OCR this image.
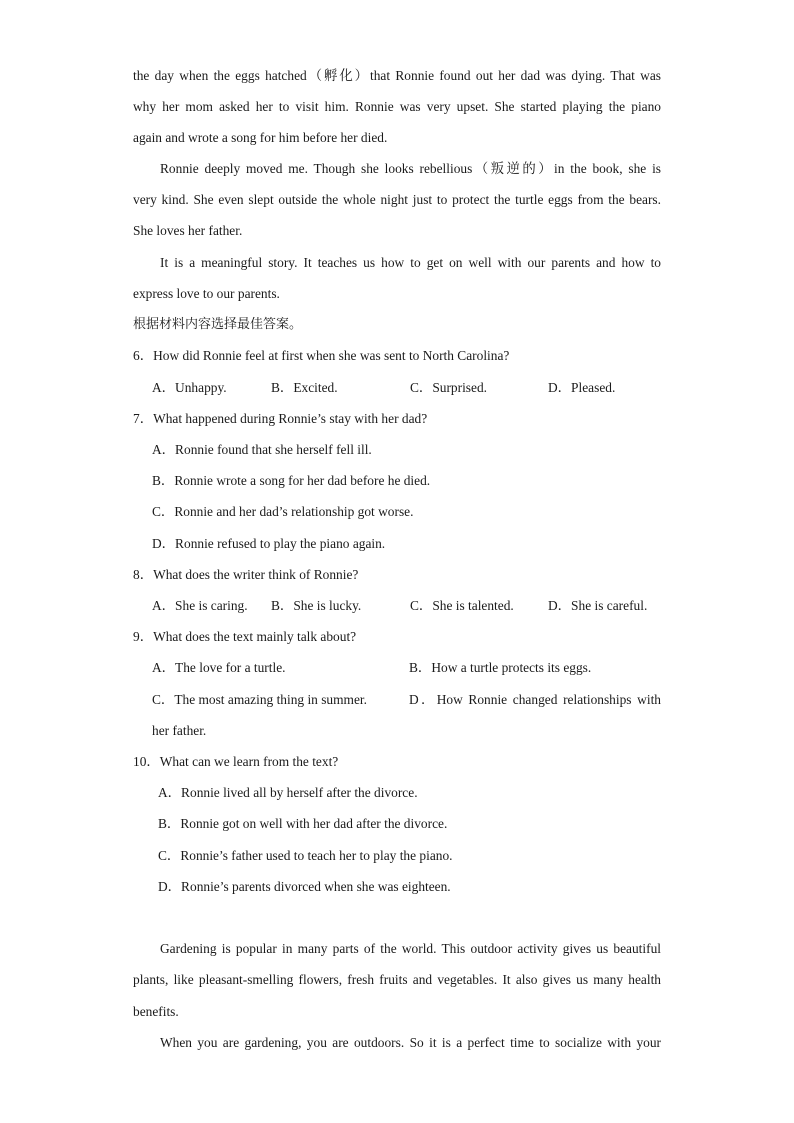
the day when the eggs hatched（孵化）that Ronnie found out her dad was dying. That was
why her mom asked her to visit him. Ronnie was very upset. She started playing the piano
again and wrote a song for him before her died.
Ronnie deeply moved me. Though she looks rebellious（叛逆的）in the book, she is
very kind. She even slept outside the whole night just to protect the turtle eggs from the bears.
She loves her father.
It is a meaningful story. It teaches us how to get on well with our parents and how to
express love to our parents.
根据材料内容选择最佳答案。
6．How did Ronnie feel at first when she was sent to North Carolina?
A．Unhappy.	B．Excited.	C．Surprised.	D．Pleased.
7．What happened during Ronnie’s stay with her dad?
A．Ronnie found that she herself fell ill.
B．Ronnie wrote a song for her dad before he died.
C．Ronnie and her dad’s relationship got worse.
D．Ronnie refused to play the piano again.
8．What does the writer think of Ronnie?
A．She is caring. B．She is lucky.	C．She is talented.	D．She is careful.
9．What does the text mainly talk about?
A．The love for a turtle.	B．How a turtle protects its eggs.
C．The most amazing thing in summer.	D．How Ronnie changed relationships with
her father.
10．What can we learn from the text?
A．Ronnie lived all by herself after the divorce.
B．Ronnie got on well with her dad after the divorce.
C．Ronnie’s father used to teach her to play the piano.
D．Ronnie’s parents divorced when she was eighteen.
Gardening is popular in many parts of the world. This outdoor activity gives us beautiful
plants, like pleasant-smelling flowers, fresh fruits and vegetables. It also gives us many health
benefits.
When you are gardening, you are outdoors. So it is a perfect time to socialize with your
